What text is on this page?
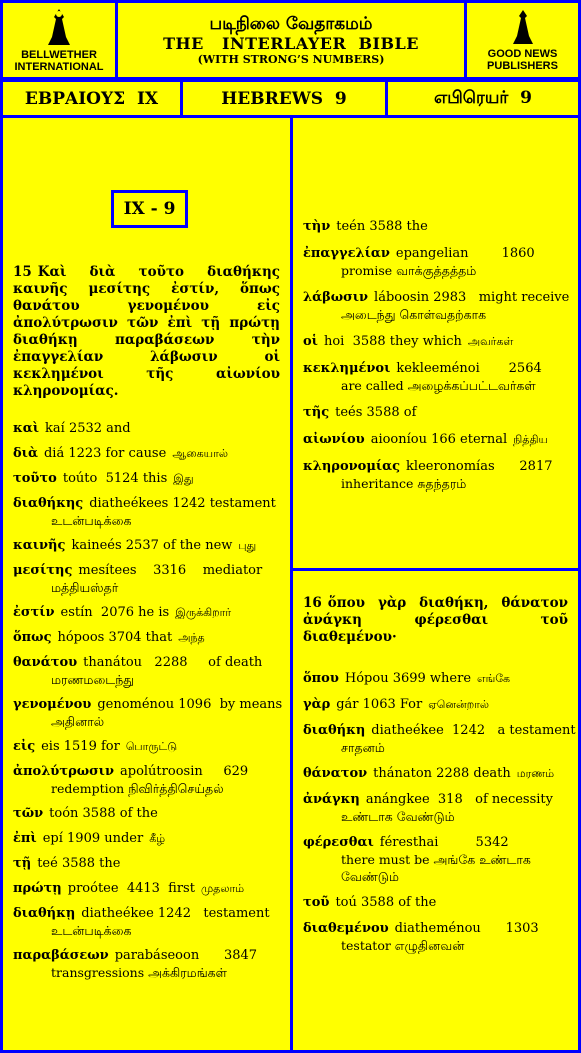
BELLWETHER
INTERNATIONAL
படிநிலை வேதாகமம்
THE   INTERLAYER  BIBLE
(WITH STRONG’S NUMBERS)	GOOD NEWS
PUBLISHERS
ΕΒΡΑΙΟΥΣ  IX	HEBREWS  9	எபிரெயர்  9
IX - 9

15 Καὶ διὰ τοῦτο διαθήκης καινῆς μεσίτης ἐστίν, ὅπως θανάτου γενομένου εἰς ἀπολύτρωσιν τῶν ἐπὶ τῇ πρώτῃ διαθήκῃ παραβάσεων τὴν ἐπαγγελίαν λάβωσιν οἱ κεκλημένοι τῆς αἰωνίου κληρονομίας.

καὶ kaí 2532 and
διὰ diá 1223 for cause ஆகையால்
τοῦτο toúto  5124 this இது
διαθήκης diatheékees 1242 testament
உடன்படிக்கை
καινῆς kaineés 2537 of the new புது
μεσίτης mesítees    3316    mediator
மத்தியஸ்தர்
ἐστίν estín  2076 he is இருக்கிறார்
ὅπως hópoos 3704 that அந்த
θανάτου thanátou   2288     of death
மரணமடைந்து
γενομένου genoménou 1096  by means
அதினால்
εἰς eis 1519 for பொருட்டு
ἀπολύτρωσιν apolútroosin     629
redemption நிவிர்த்திசெய்தல்
τῶν toón 3588 of the
ἐπὶ epí 1909 under கீழ்
τῇ teé 3588 the
πρώτῃ proótee  4413  first முதலாம்
διαθήκῃ diatheékee 1242   testament
உடன்படிக்கை
παραβάσεων parabáseoon      3847
transgressions அக்கிரமங்கள்
τὴν teén 3588 the
ἐπαγγελίαν epangelian        1860
promise வாக்குத்தத்தம்
λάβωσιν láboosin 2983   might receive
அடைந்து கொள்வதற்காக
οἱ hoi  3588 they which அவர்கள்
κεκλημένοι kekleeménoi       2564
are called அழைக்கப்பட்டவர்கள்
τῆς teés 3588 of
αἰωνίου aiooníou 166 eternal நித்திய
κληρονομίας kleeronomías      2817
inheritance சுதந்தரம்

16 ὅπου γὰρ διαθήκη, θάνατον ἀνάγκη φέρεσθαι τοῦ διαθεμένου·

ὅπου Hópou 3699 where எங்கே
γὰρ gár 1063 For ஏனென்றால்
διαθήκη diatheékee  1242   a testament
சாதனம்
θάνατον thánaton 2288 death மரணம்
ἀνάγκη anángkee  318   of necessity
உண்டாக வேண்டும்
φέρεσθαι féresthai         5342
there must be அங்கே உண்டாக வேண்டும்
τοῦ toú 3588 of the
διαθεμένου diatheménou      1303
testator எழுதினவன்
